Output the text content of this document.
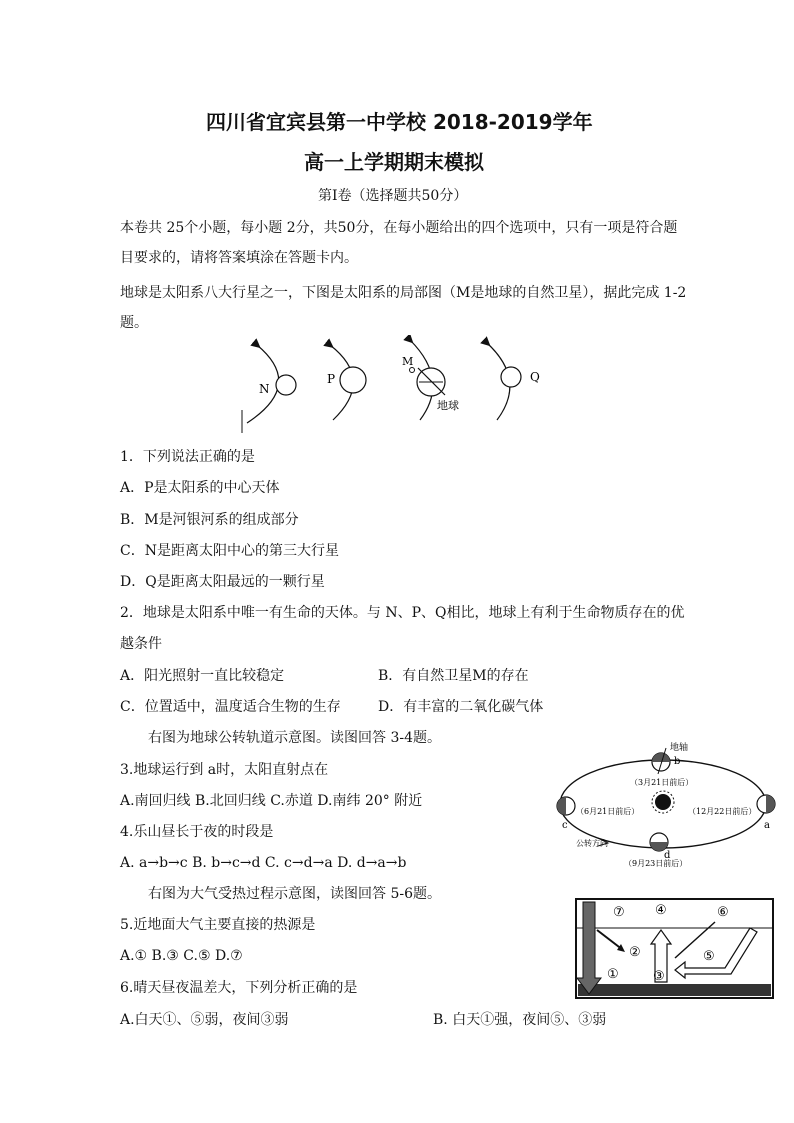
四川省宜宾县第一中学校 2018-2019学年
高一上学期期末模拟
第Ⅰ卷（选择题共50分）
本卷共 25个小题，每小题 2分，共50分，在每小题给出的四个选项中，只有一项是符合题
目要求的，请将答案填涂在答题卡内。
地球是太阳系八大行星之一，下图是太阳系的局部图（M是地球的自然卫星），据此完成 1-2
题。
N
P
M
地球
Q
1．下列说法正确的是
A．P是太阳系的中心天体
B．M是河银河系的组成部分
C．N是距离太阳中心的第三大行星
D．Q是距离太阳最远的一颗行星
2．地球是太阳系中唯一有生命的天体。与 N、P、Q相比，地球上有利于生命物质存在的优
越条件
A．阳光照射一直比较稳定	B．有自然卫星M的存在
C．位置适中，温度适合生物的生存	D．有丰富的二氧化碳气体
右图为地球公转轨道示意图。读图回答 3-4题。
3.地球运行到 a时，太阳直射点在
A.南回归线 B.北回归线 C.赤道 D.南纬 20° 附近
4.乐山昼长于夜的时段是
A. a→b→c B. b→c→d C. c→d→a D. d→a→b
地轴
b
（3月21日前后）
c
（6月21日前后）
a
（12月22日前后）
d
（9月23日前后）
公转方向
右图为大气受热过程示意图，读图回答 5-6题。
5.近地面大气主要直接的热源是
A.① B.③ C.⑤ D.⑦
6.晴天昼夜温差大，下列分析正确的是
A.白天①、⑤弱，夜间③弱	B. 白天①强，夜间⑤、③弱
⑦
①
②
④
③
⑤
⑥
